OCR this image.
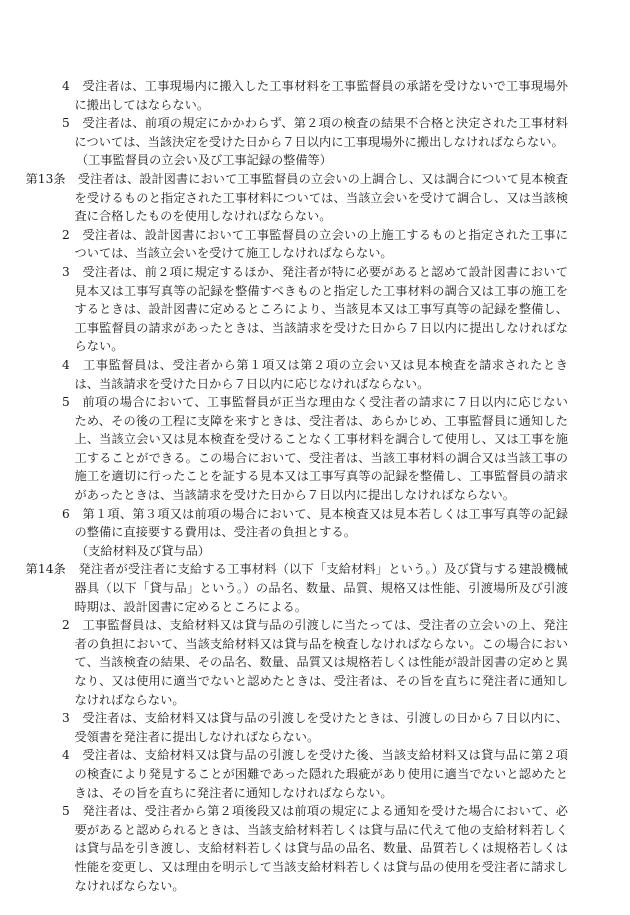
4　受注者は、工事現場内に搬入した工事材料を工事監督員の承諾を受けないで工事現場外に搬出してはならない。

5　受注者は、前項の規定にかかわらず、第２項の検査の結果不合格と決定された工事材料については、当該決定を受けた日から７日以内に工事現場外に搬出しなければならない。

（工事監督員の立会い及び工事記録の整備等）

第13条　受注者は、設計図書において工事監督員の立会いの上調合し、又は調合について見本検査を受けるものと指定された工事材料については、当該立会いを受けて調合し、又は当該検査に合格したものを使用しなければならない。

2　受注者は、設計図書において工事監督員の立会いの上施工するものと指定された工事については、当該立会いを受けて施工しなければならない。

3　受注者は、前２項に規定するほか、発注者が特に必要があると認めて設計図書において見本又は工事写真等の記録を整備すべきものと指定した工事材料の調合又は工事の施工をするときは、設計図書に定めるところにより、当該見本又は工事写真等の記録を整備し、工事監督員の請求があったときは、当該請求を受けた日から７日以内に提出しなければならない。

4　工事監督員は、受注者から第１項又は第２項の立会い又は見本検査を請求されたときは、当該請求を受けた日から７日以内に応じなければならない。

5　前項の場合において、工事監督員が正当な理由なく受注者の請求に７日以内に応じないため、その後の工程に支障を来すときは、受注者は、あらかじめ、工事監督員に通知した上、当該立会い又は見本検査を受けることなく工事材料を調合して使用し、又は工事を施工することができる。この場合において、受注者は、当該工事材料の調合又は当該工事の施工を適切に行ったことを証する見本又は工事写真等の記録を整備し、工事監督員の請求があったときは、当該請求を受けた日から７日以内に提出しなければならない。

6　第１項、第３項又は前項の場合において、見本検査又は見本若しくは工事写真等の記録の整備に直接要する費用は、受注者の負担とする。

（支給材料及び貸与品）

第14条　発注者が受注者に支給する工事材料（以下「支給材料」という。）及び貸与する建設機械器具（以下「貸与品」という。）の品名、数量、品質、規格又は性能、引渡場所及び引渡時期は、設計図書に定めるところによる。

2　工事監督員は、支給材料又は貸与品の引渡しに当たっては、受注者の立会いの上、発注者の負担において、当該支給材料又は貸与品を検査しなければならない。この場合において、当該検査の結果、その品名、数量、品質又は規格若しくは性能が設計図書の定めと異なり、又は使用に適当でないと認めたときは、受注者は、その旨を直ちに発注者に通知しなければならない。

3　受注者は、支給材料又は貸与品の引渡しを受けたときは、引渡しの日から７日以内に、受領書を発注者に提出しなければならない。

4　受注者は、支給材料又は貸与品の引渡しを受けた後、当該支給材料又は貸与品に第２項の検査により発見することが困難であった隠れた瑕疵があり使用に適当でないと認めたときは、その旨を直ちに発注者に通知しなければならない。

5　発注者は、受注者から第２項後段又は前項の規定による通知を受けた場合において、必要があると認められるときは、当該支給材料若しくは貸与品に代えて他の支給材料若しくは貸与品を引き渡し、支給材料若しくは貸与品の品名、数量、品質若しくは規格若しくは性能を変更し、又は理由を明示して当該支給材料若しくは貸与品の使用を受注者に請求しなければならない。
